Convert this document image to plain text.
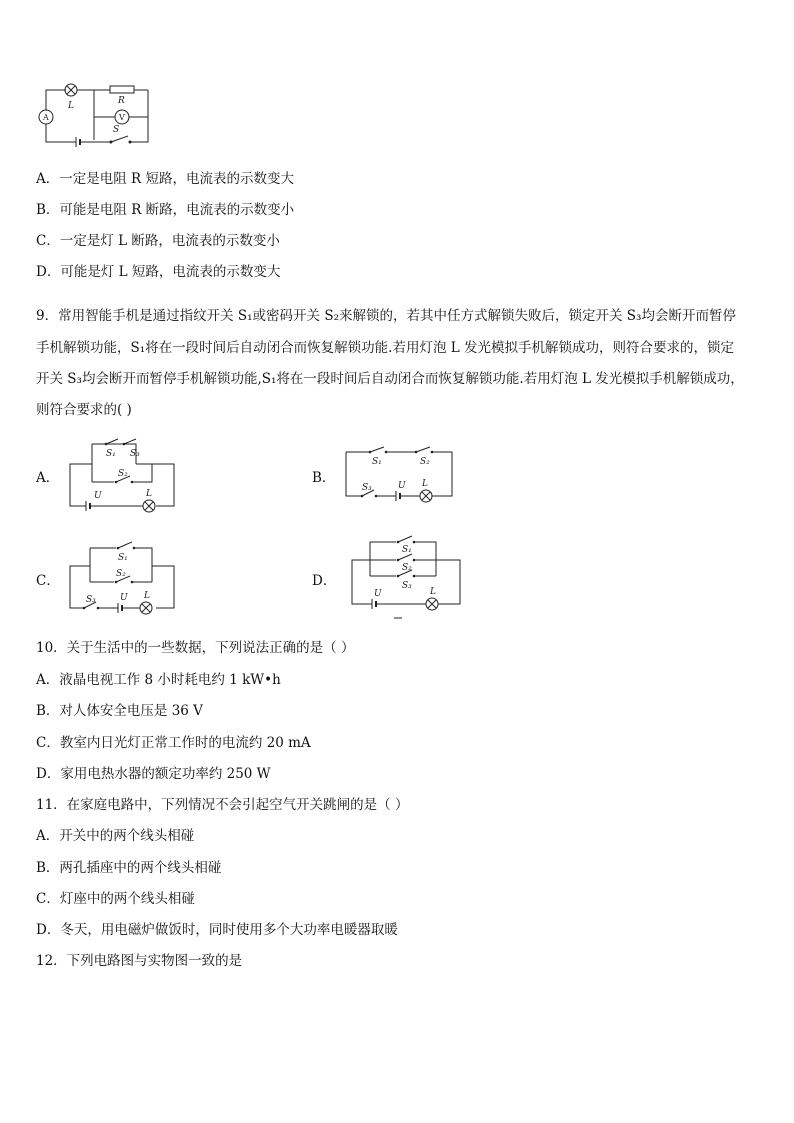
R
V
A
S
L
A．一定是电阻 R 短路，电流表的示数变大
B．可能是电阻 R 断路，电流表的示数变小
C．一定是灯 L 断路，电流表的示数变小
D．可能是灯 L 短路，电流表的示数变大
9．常用智能手机是通过指纹开关 S₁或密码开关 S₂来解锁的，若其中任方式解锁失败后，锁定开关 S₃均会断开而暂停
手机解锁功能，S₁将在一段时间后自动闭合而恢复解锁功能.若用灯泡 L 发光模拟手机解锁成功，则符合要求的，锁定
开关 S₃均会断开而暂停手机解锁功能,S₁将在一段时间后自动闭合而恢复解锁功能.若用灯泡 L 发光模拟手机解锁成功，
则符合要求的( )
A．
S₁ S₃
S₂
U	L
B．
S₁	S₂
S₃	U L
C．
S₁
S₂
S₃	U L
D．
S₁
S₂
S₃
U	L
10．关于生活中的一些数据，下列说法正确的是（ ）
A．液晶电视工作 8 小时耗电约 1 kW•h
B．对人体安全电压是 36 V
C．教室内日光灯正常工作时的电流约 20 mA
D．家用电热水器的额定功率约 250 W
11．在家庭电路中，下列情况不会引起空气开关跳闸的是（ ）
A．开关中的两个线头相碰
B．两孔插座中的两个线头相碰
C．灯座中的两个线头相碰
D．冬天，用电磁炉做饭时，同时使用多个大功率电暖器取暖
12．下列电路图与实物图一致的是
